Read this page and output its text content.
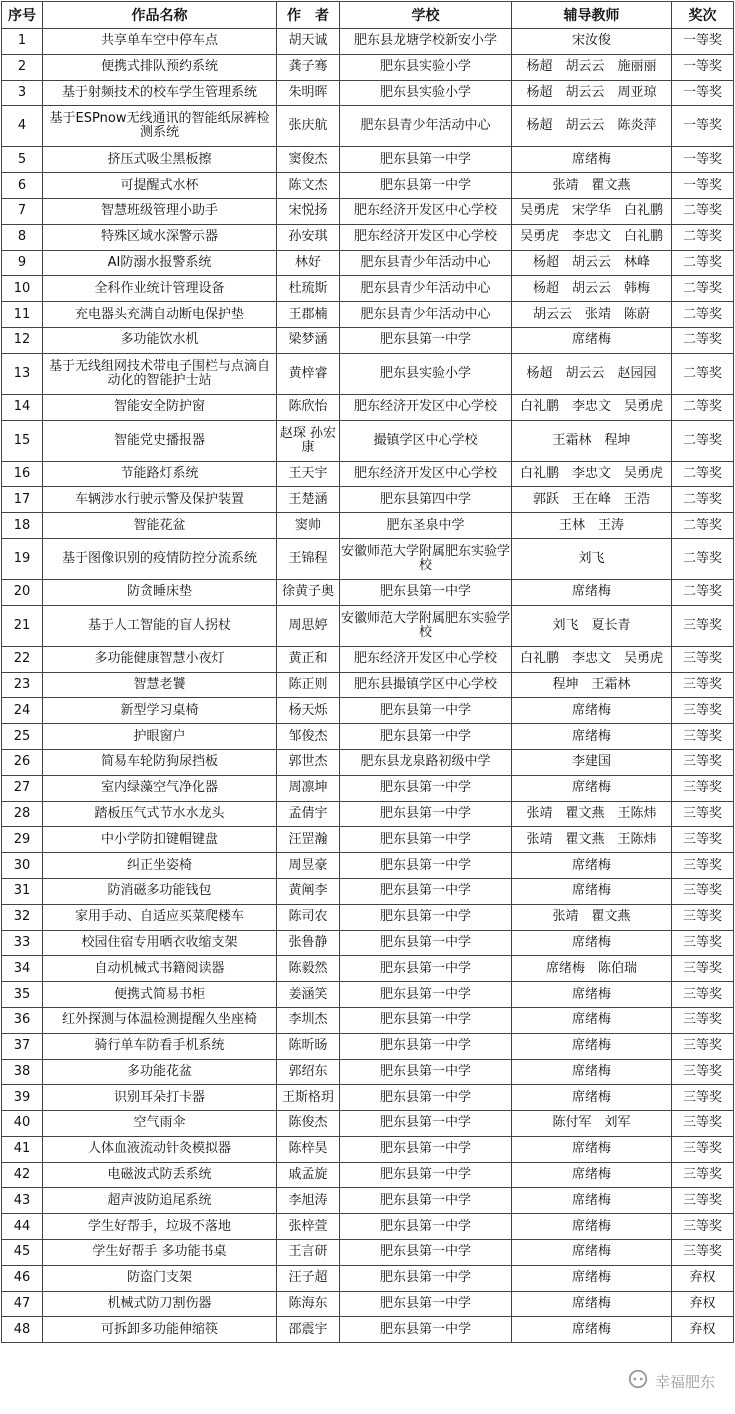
序号	作品名称	作　者	学校	辅导教师	奖次
1	共享单车空中停车点	胡天诚	肥东县龙塘学校新安小学	宋汝俊	一等奖
2	便携式排队预约系统	龚子骞	肥东县实验小学	杨超　胡云云　施丽丽	一等奖
3	基于射频技术的校车学生管理系统	朱明晖	肥东县实验小学	杨超　胡云云　周亚琼	一等奖
4	基于ESPnow无线通讯的智能纸尿裤检测系统	张庆航	肥东县青少年活动中心	杨超　胡云云　陈炎萍	一等奖
5	挤压式吸尘黑板擦	窦俊杰	肥东县第一中学	席绪梅	一等奖
6	可提醒式水杯	陈文杰	肥东县第一中学	张靖　瞿文燕	一等奖
7	智慧班级管理小助手	宋悦扬	肥东经济开发区中心学校	吴勇虎　宋学华　白礼鹏	二等奖
8	特殊区域水深警示器	孙安琪	肥东经济开发区中心学校	吴勇虎　李忠文　白礼鹏	二等奖
9	AI防溺水报警系统	林好	肥东县青少年活动中心	杨超　胡云云　林峰	二等奖
10	全科作业统计管理设备	杜琉斯	肥东县青少年活动中心	杨超　胡云云　韩梅	二等奖
11	充电器头充满自动断电保护垫	王郡楠	肥东县青少年活动中心	胡云云　张靖　陈蔚	二等奖
12	多功能饮水机	梁梦涵	肥东县第一中学	席绪梅	二等奖
13	基于无线组网技术带电子围栏与点滴自动化的智能护士站	黄梓睿	肥东县实验小学	杨超　胡云云　赵园园	二等奖
14	智能安全防护窗	陈欣怡	肥东经济开发区中心学校	白礼鹏　李忠文　吴勇虎	二等奖
15	智能党史播报器	赵琛 孙宏康	撮镇学区中心学校	王霜林　程坤	二等奖
16	节能路灯系统	王天宇	肥东经济开发区中心学校	白礼鹏　李忠文　吴勇虎	二等奖
17	车辆涉水行驶示警及保护装置	王楚涵	肥东县第四中学	郭跃　王在峰　王浩	二等奖
18	智能花盆	窦帅	肥东圣泉中学	王林　王涛	二等奖
19	基于图像识别的疫情防控分流系统	王锦程	安徽师范大学附属肥东实验学校	刘飞	二等奖
20	防贪睡床垫	徐黄子奥	肥东县第一中学	席绪梅	二等奖
21	基于人工智能的盲人拐杖	周思婷	安徽师范大学附属肥东实验学校	刘飞　夏长青	三等奖
22	多功能健康智慧小夜灯	黄正和	肥东经济开发区中心学校	白礼鹏　李忠文　吴勇虎	三等奖
23	智慧老饕	陈正则	肥东县撮镇学区中心学校	程坤　王霜林	三等奖
24	新型学习桌椅	杨天烁	肥东县第一中学	席绪梅	三等奖
25	护眼窗户	邹俊杰	肥东县第一中学	席绪梅	三等奖
26	简易车轮防狗尿挡板	郭世杰	肥东县龙泉路初级中学	李建国	三等奖
27	室内绿藻空气净化器	周凛坤	肥东县第一中学	席绪梅	三等奖
28	踏板压气式节水水龙头	孟倩宇	肥东县第一中学	张靖　瞿文燕　王陈炜	三等奖
29	中小学防扣键帽键盘	汪罡瀚	肥东县第一中学	张靖　瞿文燕　王陈炜	三等奖
30	纠正坐姿椅	周昱豪	肥东县第一中学	席绪梅	三等奖
31	防消磁多功能钱包	黄阐李	肥东县第一中学	席绪梅	三等奖
32	家用手动、自适应买菜爬楼车	陈司农	肥东县第一中学	张靖　瞿文燕	三等奖
33	校园住宿专用晒衣收缩支架	张鲁静	肥东县第一中学	席绪梅	三等奖
34	自动机械式书籍阅读器	陈毅然	肥东县第一中学	席绪梅　陈伯瑞	三等奖
35	便携式简易书柜	姜涵笑	肥东县第一中学	席绪梅	三等奖
36	红外探测与体温检测提醒久坐座椅	李圳杰	肥东县第一中学	席绪梅	三等奖
37	骑行单车防看手机系统	陈昕旸	肥东县第一中学	席绪梅	三等奖
38	多功能花盆	郭绍东	肥东县第一中学	席绪梅	三等奖
39	识别耳朵打卡器	王斯格玥	肥东县第一中学	席绪梅	三等奖
40	空气雨伞	陈俊杰	肥东县第一中学	陈付军　刘军	三等奖
41	人体血液流动针灸模拟器	陈梓昊	肥东县第一中学	席绪梅	三等奖
42	电磁波式防丢系统	戚孟旋	肥东县第一中学	席绪梅	三等奖
43	超声波防追尾系统	李旭涛	肥东县第一中学	席绪梅	三等奖
44	学生好帮手，垃圾不落地	张梓萱	肥东县第一中学	席绪梅	三等奖
45	学生好帮手 多功能书桌	王言研	肥东县第一中学	席绪梅	三等奖
46	防盗门支架	汪子超	肥东县第一中学	席绪梅	弃权
47	机械式防刀割伤器	陈海东	肥东县第一中学	席绪梅	弃权
48	可拆卸多功能伸缩筷	邵震宇	肥东县第一中学	席绪梅	弃权
幸福肥东
